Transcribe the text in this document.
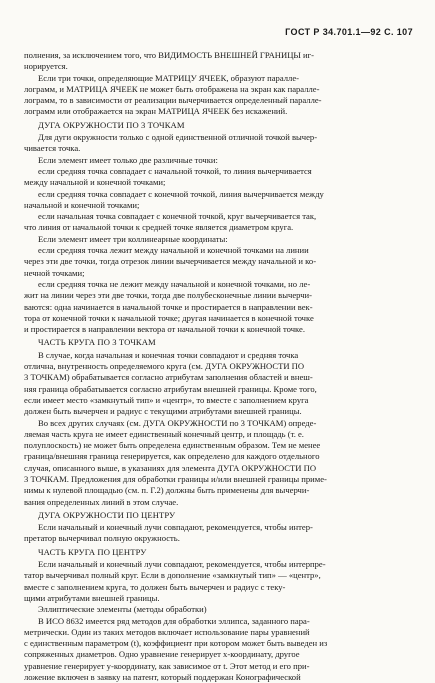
ГОСТ Р 34.701.1—92 С. 107
полнения, за исключением того, что ВИДИМОСТЬ ВНЕШНЕЙ ГРАНИЦЫ иг-
норируется.
Если три точки, определяющие МАТРИЦУ ЯЧЕЕК, образуют паралле-
лограмм, и МАТРИЦА ЯЧЕЕК не может быть отображена на экран как паралле-
лограмм, то в зависимости от реализации вычерчивается определенный паралле-
лограмм или отображается на экран МАТРИЦА ЯЧЕЕК без искажений.
ДУГА ОКРУЖНОСТИ ПО 3 ТОЧКАМ
Для дуги окружности только с одной единственной отличной точкой вычер-
чивается точка.
Если элемент имеет только две различные точки:
если средняя точка совпадает с начальной точкой, то линия вычерчивается
между начальной и конечной точками;
если средняя точка совпадает с конечной точкой, линия вычерчивается между
начальной и конечной точками;
если начальная точка совпадает с конечной точкой, круг вычерчивается так,
что линия от начальной точки к средней точке является диаметром круга.
Если элемент имеет три коллинеарные координаты:
если средняя точка лежит между начальной и конечной точками на линии
через эти две точки, тогда отрезок линии вычерчивается между начальной и ко-
нечной точками;
если средняя точка не лежит между начальной и конечной точками, но ле-
жит на линии через эти две точки, тогда две полубесконечные линии вычерчи-
ваются: одна начинается в начальной точке и простирается в направлении век-
тора от конечной точки к начальной точке; другая начинается в конечной точке
и простирается в направлении вектора от начальной точки к конечной точке.
ЧАСТЬ КРУГА ПО 3 ТОЧКАМ
В случае, когда начальная и конечная точки совпадают и средняя точка
отлична, внутренность определяемого круга (см. ДУГА ОКРУЖНОСТИ ПО
3 ТОЧКАМ) обрабатывается согласно атрибутам заполнения областей и внеш-
няя граница обрабатывается согласно атрибутам внешней границы. Кроме того,
если имеет место «замкнутый тип» и «центр», то вместе с заполнением круга
должен быть вычерчен и радиус с текущими атрибутами внешней границы.
Во всех других случаях (см. ДУГА ОКРУЖНОСТИ по 3 ТОЧКАМ) опреде-
ляемая часть круга не имеет единственный конечный центр, и площадь (т. е.
полуплоскость) не может быть определена единственным образом. Тем не менее
граница/внешняя граница генерируется, как определено для каждого отдельного
случая, описанного выше, в указаниях для элемента ДУГА ОКРУЖНОСТИ ПО
3 ТОЧКАМ. Предложения для обработки границы и/или внешней границы приме-
нимы к нулевой площадью (см. п. Г.2) должны быть применены для вычерчи-
вания определенных линий в этом случае.
ДУГА ОКРУЖНОСТИ ПО ЦЕНТРУ
Если начальный и конечный лучи совпадают, рекомендуется, чтобы интер-
претатор вычерчивал полную окружность.
ЧАСТЬ КРУГА ПО ЦЕНТРУ
Если начальный и конечный лучи совпадают, рекомендуется, чтобы интерпре-
татор вычерчивал полный круг. Если в дополнение «замкнутый тип» — «центр»,
вместе с заполнением круга, то должен быть вычерчен и радиус с теку-
щими атрибутами внешней границы.
Эллиптические элементы (методы обработки)
В ИСО 8632 имеется ряд методов для обработки эллипса, заданного пара-
метрически. Один из таких методов включает использование пары уравнений
с единственным параметром (t), коэффициент при котором может быть выведен из
сопряженных диаметров. Одно уравнение генерирует x-координату, другое
уравнение генерирует y-координату, как зависимое от t. Этот метод и его при-
ложение включен в заявку на патент, который поддержан Конографической
